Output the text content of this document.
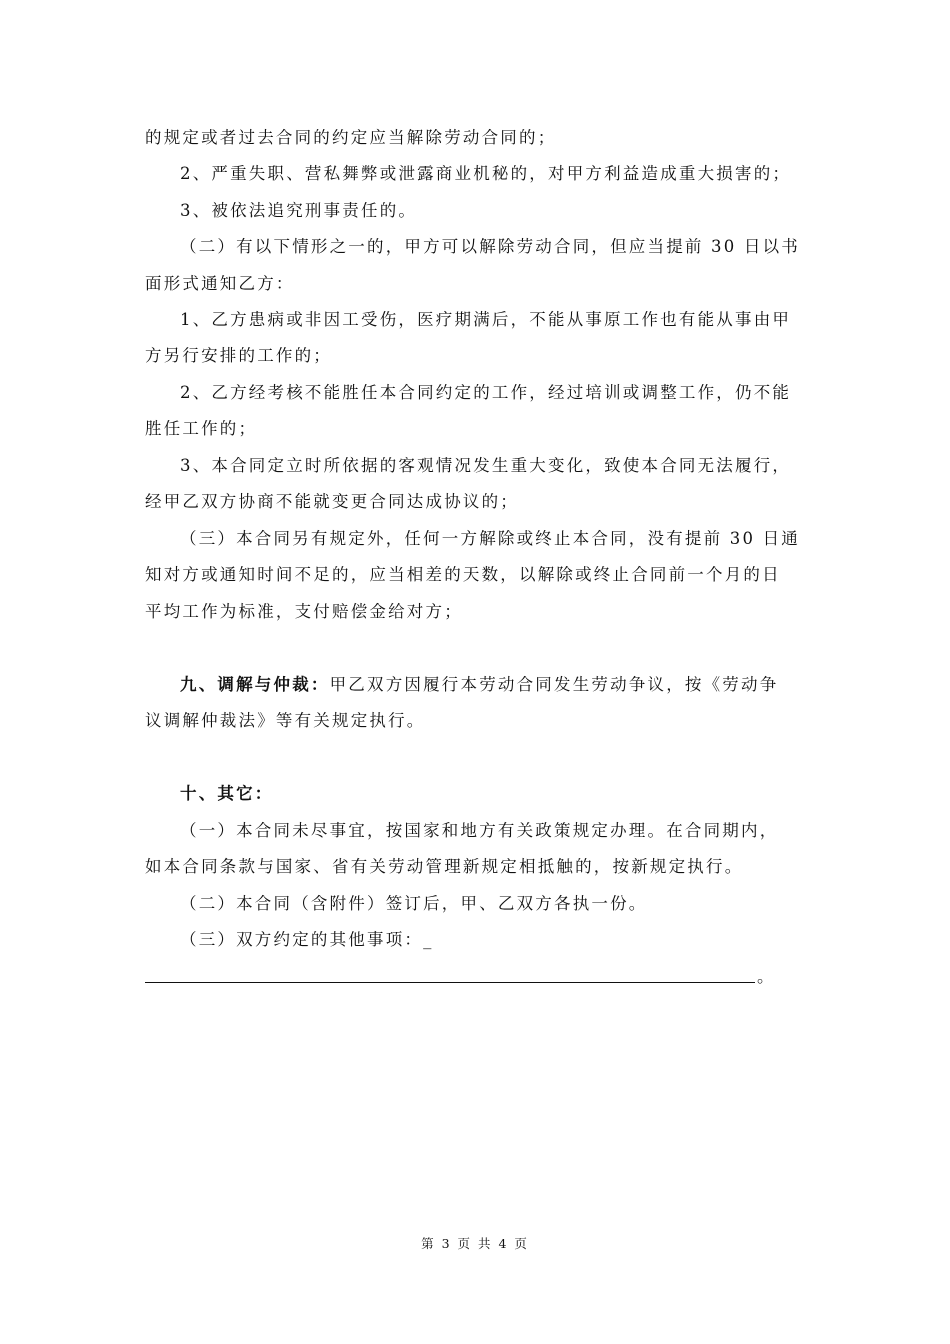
的规定或者过去合同的约定应当解除劳动合同的；
2、严重失职、营私舞弊或泄露商业机秘的，对甲方利益造成重大损害的；
3、被依法追究刑事责任的。
（二）有以下情形之一的，甲方可以解除劳动合同，但应当提前 30 日以书
面形式通知乙方：
1、乙方患病或非因工受伤，医疗期满后，不能从事原工作也有能从事由甲
方另行安排的工作的；
2、乙方经考核不能胜任本合同约定的工作，经过培训或调整工作，仍不能
胜任工作的；
3、本合同定立时所依据的客观情况发生重大变化，致使本合同无法履行，
经甲乙双方协商不能就变更合同达成协议的；
（三）本合同另有规定外，任何一方解除或终止本合同，没有提前 30 日通
知对方或通知时间不足的，应当相差的天数，以解除或终止合同前一个月的日
平均工作为标准，支付赔偿金给对方；
九、调解与仲裁：甲乙双方因履行本劳动合同发生劳动争议，按《劳动争
议调解仲裁法》等有关规定执行。
十、其它：
（一）本合同未尽事宜，按国家和地方有关政策规定办理。在合同期内，
如本合同条款与国家、省有关劳动管理新规定相抵触的，按新规定执行。
（二）本合同（含附件）签订后，甲、乙双方各执一份。
（三）双方约定的其他事项：_
。
第 3 页 共 4 页
